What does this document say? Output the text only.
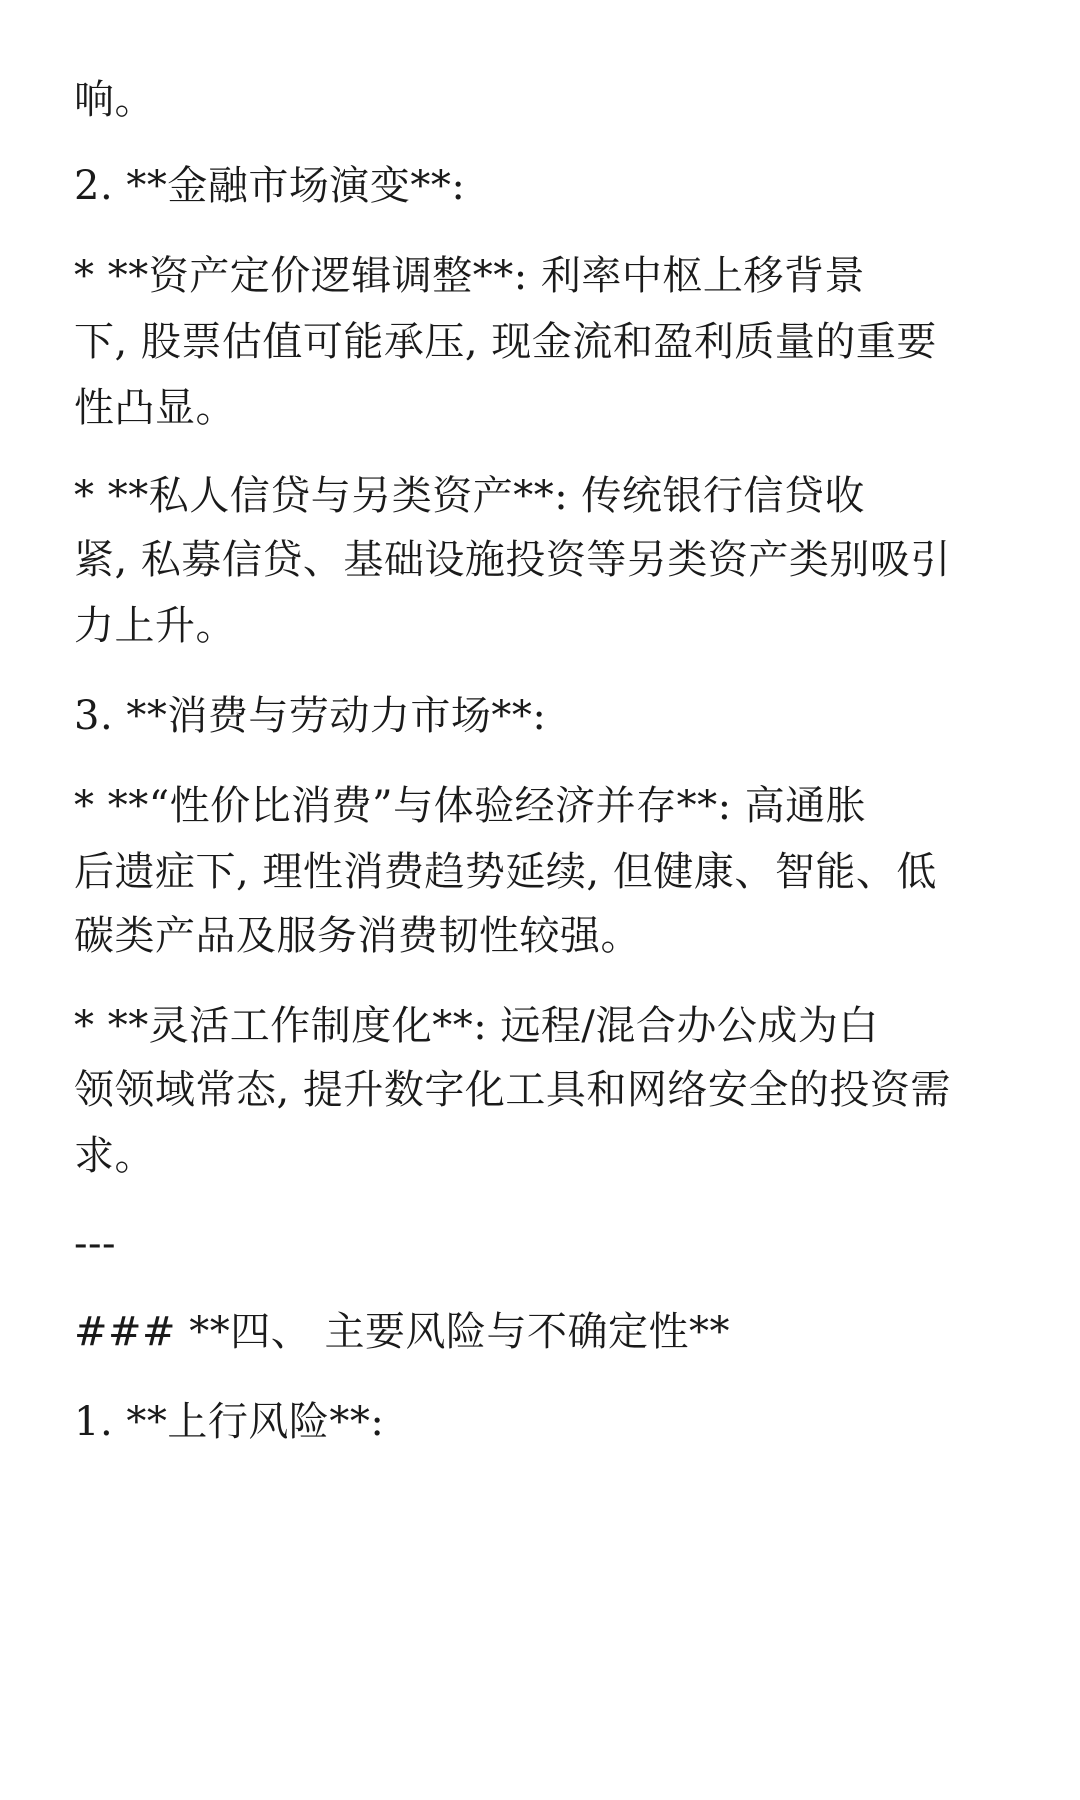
响。
2. **金融市场演变**:
* **资产定价逻辑调整**: 利率中枢上移背景
下, 股票估值可能承压, 现金流和盈利质量的重要
性凸显。
* **私人信贷与另类资产**: 传统银行信贷收
紧, 私募信贷、基础设施投资等另类资产类别吸引
力上升。
3. **消费与劳动力市场**:
* **“性价比消费”与体验经济并存**: 高通胀
后遗症下, 理性消费趋势延续, 但健康、智能、低
碳类产品及服务消费韧性较强。
* **灵活工作制度化**: 远程/混合办公成为白
领领域常态, 提升数字化工具和网络安全的投资需
求。
---
### **四、 主要风险与不确定性**
1. **上行风险**:
